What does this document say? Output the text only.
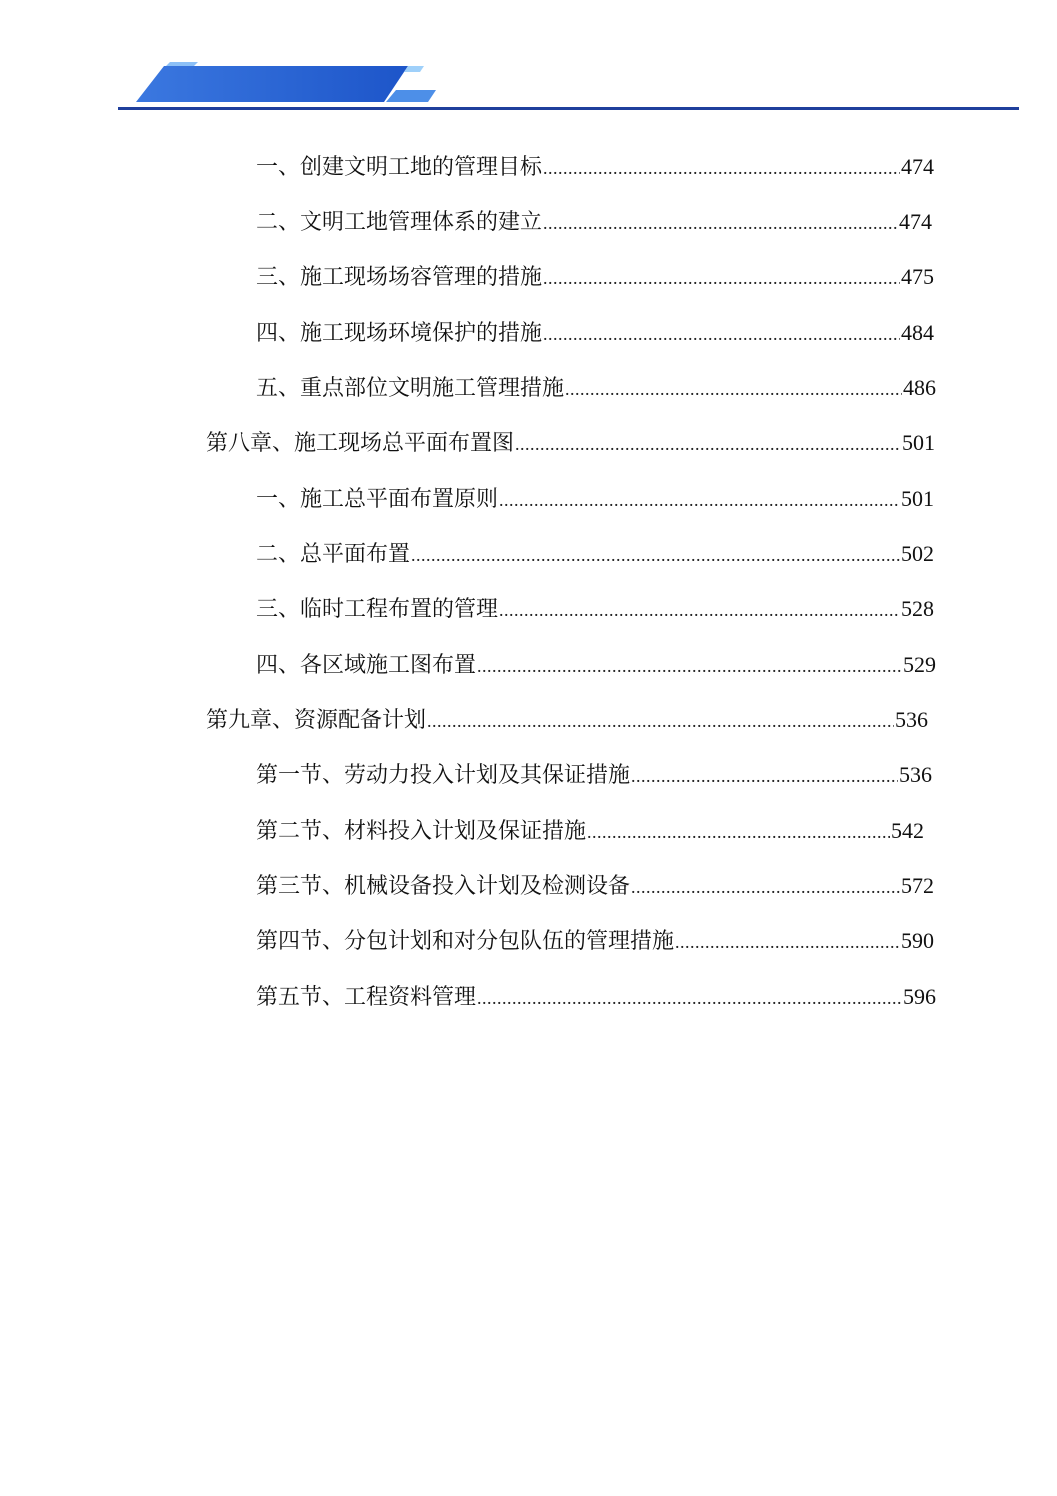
一、创建文明工地的管理目标 .....	474
二、文明工地管理体系的建立 .....	474
三、施工现场场容管理的措施 .....	475
四、施工现场环境保护的措施 .....	484
五、重点部位文明施工管理措施 .....	486
第八章、施工现场总平面布置图 .....	501
一、施工总平面布置原则 .....	501
二、总平面布置 .....	502
三、临时工程布置的管理 .....	528
四、各区域施工图布置 .....	529
第九章、资源配备计划 .....	536
第一节、劳动力投入计划及其保证措施 .....	536
第二节、材料投入计划及保证措施 .....	542
第三节、机械设备投入计划及检测设备 .....	572
第四节、分包计划和对分包队伍的管理措施 .....	590
第五节、工程资料管理 .....	596
